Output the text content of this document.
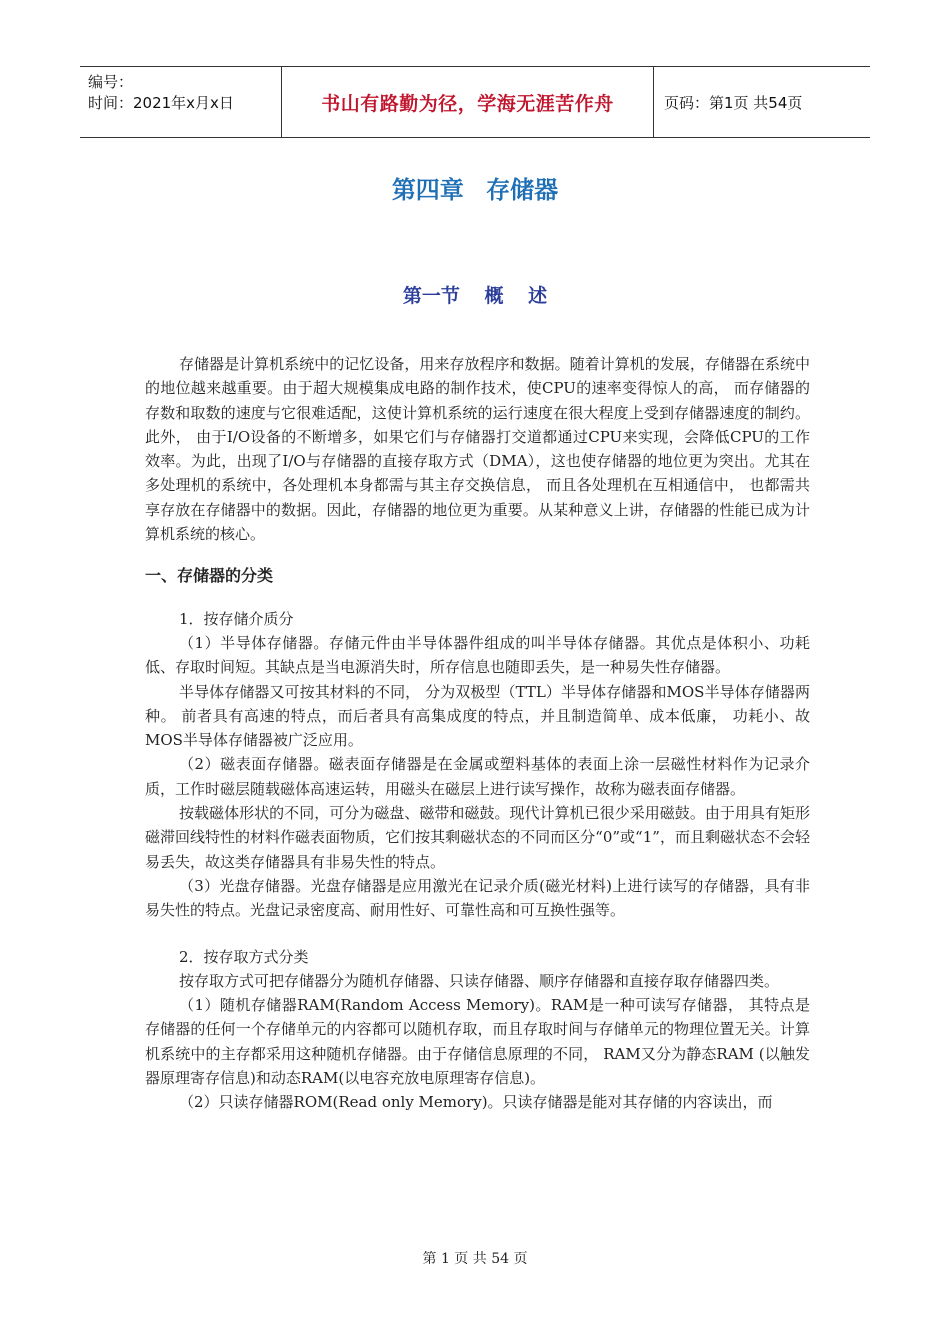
编号：
时间：2021年x月x日	书山有路勤为径，学海无涯苦作舟	页码：第1页 共54页
第四章 存储器
第一节 概 述

存储器是计算机系统中的记忆设备，用来存放程序和数据。随着计算机的发展，存储器在系统中的地位越来越重要。由于超大规模集成电路的制作技术，使CPU的速率变得惊人的高， 而存储器的存数和取数的速度与它很难适配，这使计算机系统的运行速度在很大程度上受到存储器速度的制约。此外， 由于I/O设备的不断增多，如果它们与存储器打交道都通过CPU来实现，会降低CPU的工作效率。为此，出现了I/O与存储器的直接存取方式（DMA），这也使存储器的地位更为突出。尤其在多处理机的系统中，各处理机本身都需与其主存交换信息， 而且各处理机在互相通信中， 也都需共享存放在存储器中的数据。因此，存储器的地位更为重要。从某种意义上讲，存储器的性能已成为计算机系统的核心。

一、存储器的分类

1．按存储介质分

（1）半导体存储器。存储元件由半导体器件组成的叫半导体存储器。其优点是体积小、功耗低、存取时间短。其缺点是当电源消失时，所存信息也随即丢失，是一种易失性存储器。

半导体存储器又可按其材料的不同， 分为双极型（TTL）半导体存储器和MOS半导体存储器两种。 前者具有高速的特点，而后者具有高集成度的特点，并且制造简单、成本低廉， 功耗小、故MOS半导体存储器被广泛应用。

（2）磁表面存储器。磁表面存储器是在金属或塑料基体的表面上涂一层磁性材料作为记录介质，工作时磁层随载磁体高速运转，用磁头在磁层上进行读写操作，故称为磁表面存储器。

按载磁体形状的不同，可分为磁盘、磁带和磁鼓。现代计算机已很少采用磁鼓。由于用具有矩形磁滞回线特性的材料作磁表面物质，它们按其剩磁状态的不同而区分“0”或“1”，而且剩磁状态不会轻易丢失，故这类存储器具有非易失性的特点。

（3）光盘存储器。光盘存储器是应用激光在记录介质(磁光材料)上进行读写的存储器，具有非易失性的特点。光盘记录密度高、耐用性好、可靠性高和可互换性强等。

2．按存取方式分类

按存取方式可把存储器分为随机存储器、只读存储器、顺序存储器和直接存取存储器四类。

（1）随机存储器RAM(Random Access Memory)。RAM是一种可读写存储器， 其特点是存储器的任何一个存储单元的内容都可以随机存取，而且存取时间与存储单元的物理位置无关。计算机系统中的主存都采用这种随机存储器。由于存储信息原理的不同， RAM又分为静态RAM (以触发器原理寄存信息)和动态RAM(以电容充放电原理寄存信息)。

（2）只读存储器ROM(Read only Memory)。只读存储器是能对其存储的内容读出，而

第 1 页 共 54 页
